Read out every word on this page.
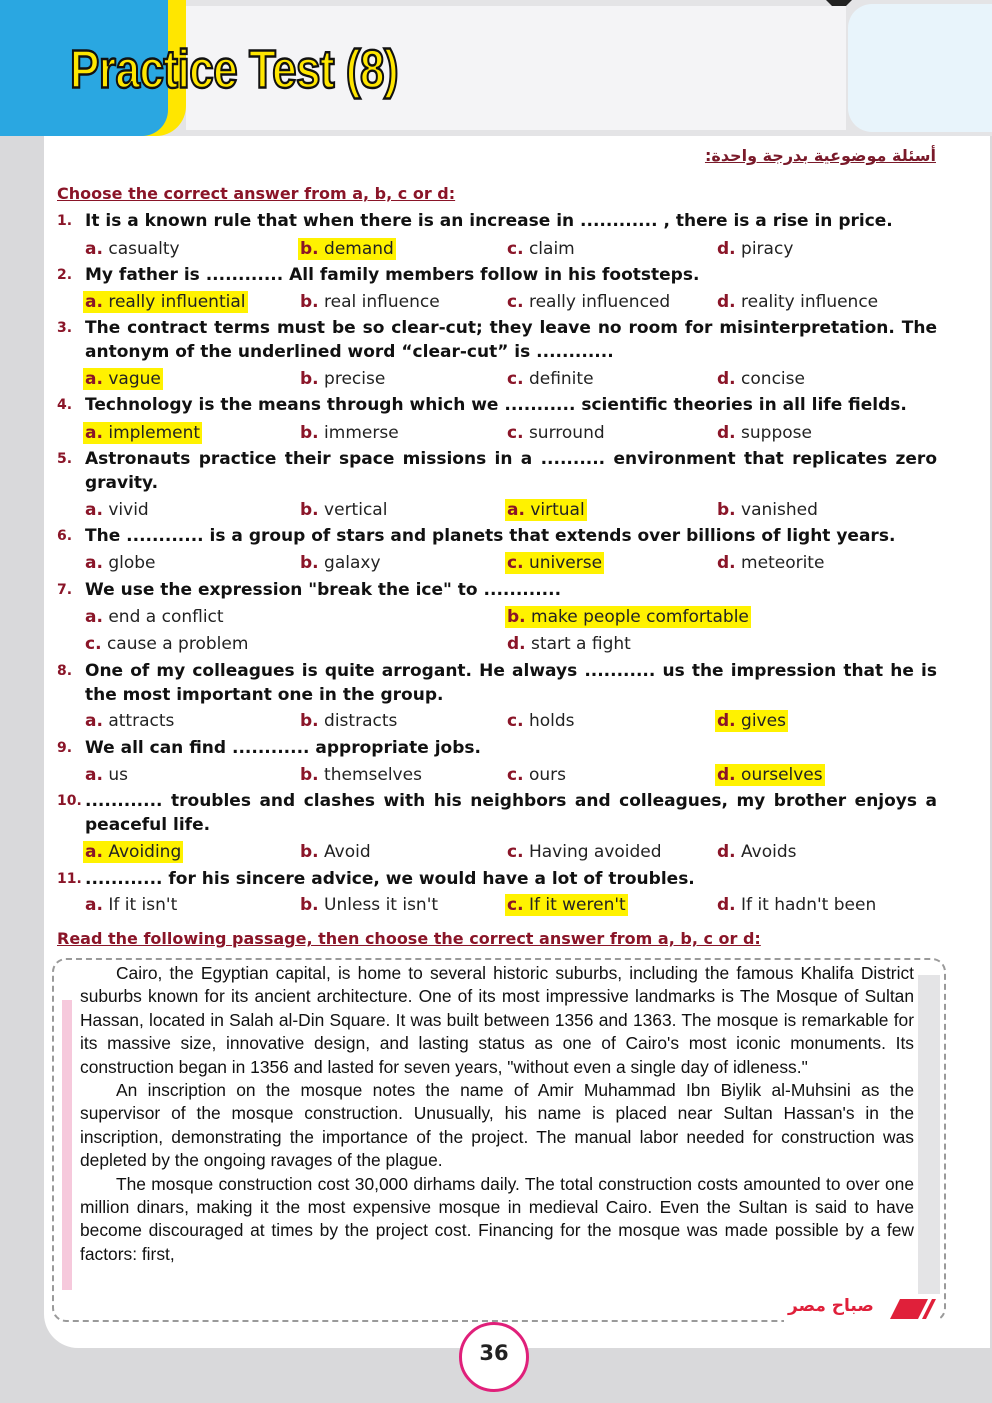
Practice Test (8)
أسئلة موضوعية بدرجة واحدة:
Choose the correct answer from a, b, c or d:
1. It is a known rule that when there is an increase in ............ , there is a rise in price.
a. casualty	b. demand	c. claim	d. piracy
2. My father is ............ All family members follow in his footsteps.
a. really influential	b. real influence	c. really influenced	d. reality influence
3. The contract terms must be so clear-cut; they leave no room for misinterpretation. The antonym of the underlined word “clear-cut” is ............
a. vague	b. precise	c. definite	d. concise
4. Technology is the means through which we ........... scientific theories in all life fields.
a. implement	b. immerse	c. surround	d. suppose
5. Astronauts practice their space missions in a .......... environment that replicates zero gravity.
a. vivid	b. vertical	a. virtual	b. vanished
6. The ............ is a group of stars and planets that extends over billions of light years.
a. globe	b. galaxy	c. universe	d. meteorite
7. We use the expression "break the ice" to ............
a. end a conflict	b. make people comfortable
c. cause a problem	d. start a fight
8. One of my colleagues is quite arrogant. He always ........... us the impression that he is the most important one in the group.
a. attracts	b. distracts	c. holds	d. gives
9. We all can find ............ appropriate jobs.
a. us	b. themselves	c. ours	d. ourselves
10. ............ troubles and clashes with his neighbors and colleagues, my brother enjoys a peaceful life.
a. Avoiding	b. Avoid	c. Having avoided	d. Avoids
11. ............ for his sincere advice, we would have a lot of troubles.
a. If it isn't	b. Unless it isn't	c. If it weren't	d. If it hadn't been
Read the following passage, then choose the correct answer from a, b, c or d:

Cairo, the Egyptian capital, is home to several historic suburbs, including the famous Khalifa District suburbs known for its ancient architecture. One of its most impressive landmarks is The Mosque of Sultan Hassan, located in Salah al-Din Square. It was built between 1356 and 1363. The mosque is remarkable for its massive size, innovative design, and lasting status as one of Cairo's most iconic monuments. Its construction began in 1356 and lasted for seven years, "without even a single day of idleness."

An inscription on the mosque notes the name of Amir Muhammad Ibn Biylik al-Muhsini as the supervisor of the mosque construction. Unusually, his name is placed near Sultan Hassan's in the inscription, demonstrating the importance of the project. The manual labor needed for construction was depleted by the ongoing ravages of the plague.

The mosque construction cost 30,000 dirhams daily. The total construction costs amounted to over one million dinars, making it the most expensive mosque in medieval Cairo. Even the Sultan is said to have become discouraged at times by the project cost. Financing for the mosque was made possible by a few factors: first,

صباح مصر
36
